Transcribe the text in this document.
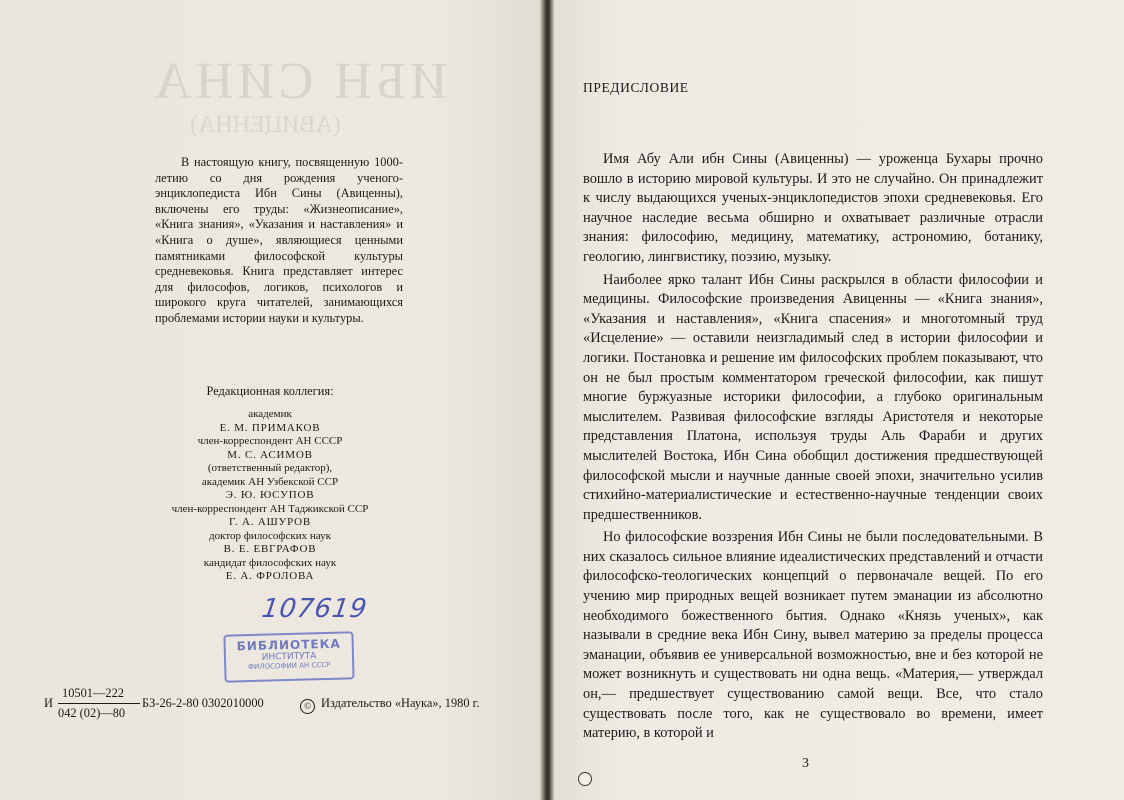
ИБН СИНА
(АВИЦЕННА)

В настоящую книгу, посвященную 1000-летию со дня рождения ученого-энциклопедиста Ибн Сины (Авиценны), включены его труды: «Жизнеописание», «Книга знания», «Указания и наставления» и «Книга о душе», являющиеся ценными памятниками философской культуры средневековья. Книга представляет интерес для философов, логиков, психологов и широкого круга читателей, занимающихся проблемами истории науки и культуры.

Редакционная коллегия:
академик
Е. М. ПРИМАКОВ
член-корреспондент АН СССР
М. С. АСИМОВ
(ответственный редактор),
академик АН Узбекской ССР
Э. Ю. ЮСУПОВ
член-корреспондент АН Таджикской ССР
Г. А. АШУРОВ
доктор философских наук
В. Е. ЕВГРАФОВ
кандидат философских наук
Е. А. ФРОЛОВА
107619
БИБЛИОТЕКА
ИНСТИТУТА
ФИЛОСОФИИ АН СССР
И
10501—222
042 (02)—80
БЗ-26-2-80 0302010000	© Издательство «Наука», 1980 г.
ПРЕДИСЛОВИЕ

Имя Абу Али ибн Сины (Авиценны) — уроженца Бухары прочно вошло в историю мировой культуры. И это не случайно. Он принадлежит к числу выдающихся ученых-энциклопедистов эпохи средневековья. Его научное наследие весьма обширно и охватывает различные отрасли знания: философию, медицину, математику, астрономию, ботанику, геологию, лингвистику, поэзию, музыку.

Наиболее ярко талант Ибн Сины раскрылся в области философии и медицины. Философские произведения Авиценны — «Книга знания», «Указания и наставления», «Книга спасения» и многотомный труд «Исцеление» — оставили неизгладимый след в истории философии и логики. Постановка и решение им философских проблем показывают, что он не был простым комментатором греческой философии, как пишут многие буржуазные историки философии, а глубоко оригинальным мыслителем. Развивая философские взгляды Аристотеля и некоторые представления Платона, используя труды Аль Фараби и других мыслителей Востока, Ибн Сина обобщил достижения предшествующей философской мысли и научные данные своей эпохи, значительно усилив стихийно-материалистические и естественно-научные тенденции своих предшественников.

Но философские воззрения Ибн Сины не были последовательными. В них сказалось сильное влияние идеалистических представлений и отчасти философско-теологических концепций о первоначале вещей. По его учению мир природных вещей возникает путем эманации из абсолютно необходимого божественного бытия. Однако «Князь ученых», как называли в средние века Ибн Сину, вывел материю за пределы процесса эманации, объявив ее универсальной возможностью, вне и без которой не может возникнуть и существовать ни одна вещь. «Материя,— утверждал он,— предшествует существованию самой вещи. Все, что стало существовать после того, как не существовало во времени, имеет материю, в которой и

3
